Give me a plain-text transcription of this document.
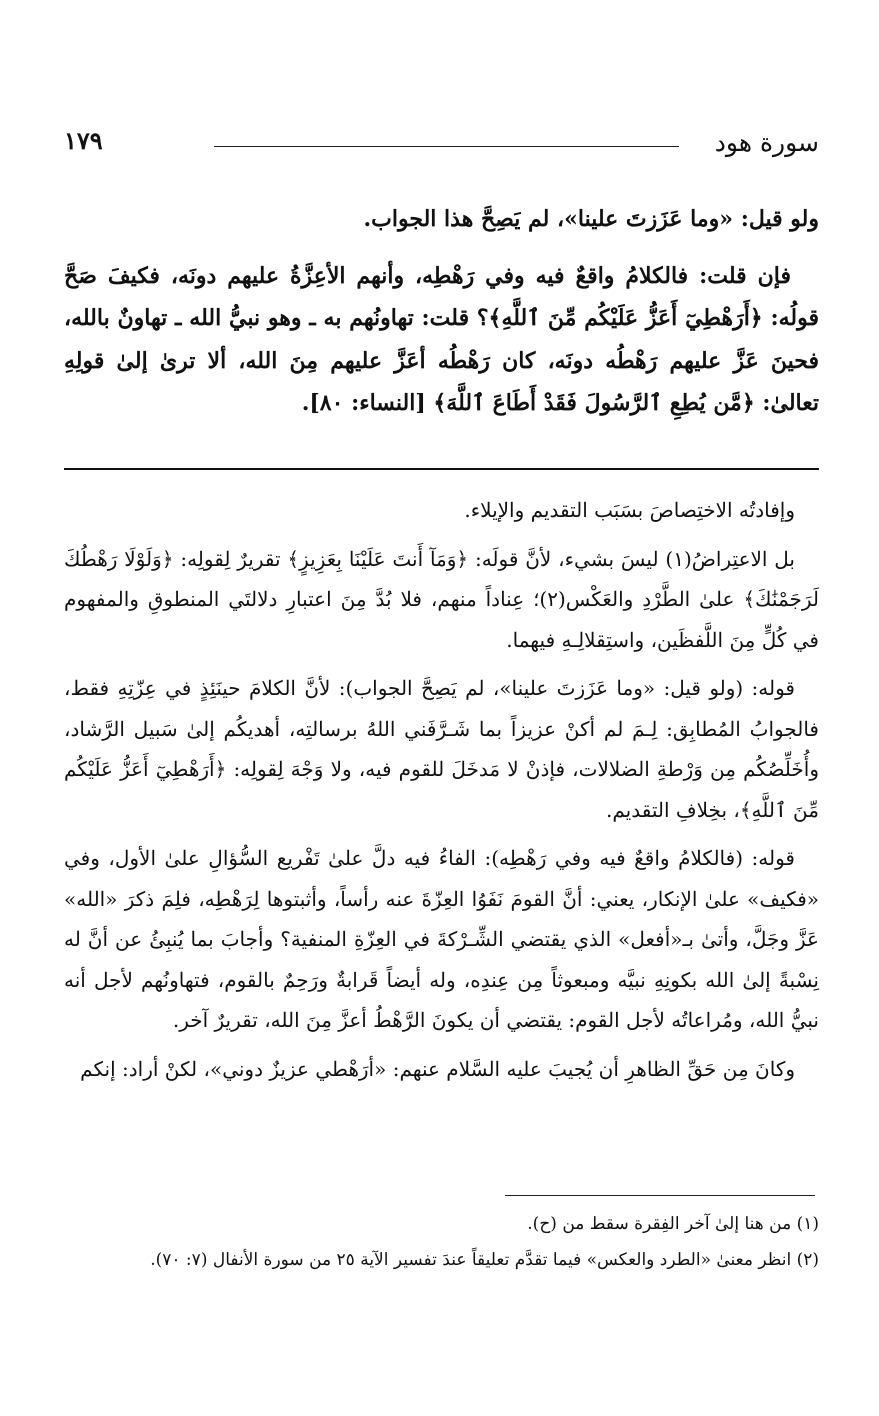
سورة هود
١٧٩

ولو قيل: «وما عَزَزتَ علينا»، لم يَصِحَّ هذا الجواب.

فإن قلت: فالكلامُ واقعٌ فيه وفي رَهْطِه، وأنهم الأعِزَّةُ عليهم دونَه، فكيفَ صَحَّ قولُه: ﴿أَرَهْطِيٓ أَعَزُّ عَلَيْكُم مِّنَ ٱللَّهِ﴾؟ قلت: تهاونُهم به ـ وهو نبيُّ الله ـ تهاونٌ بالله، فحينَ عَزَّ عليهم رَهْطُه دونَه، كان رَهْطُه أعَزَّ عليهم مِنَ الله، ألا ترىٰ إلىٰ قولِهِ تعالىٰ: ﴿مَّن يُطِعِ ٱلرَّسُولَ فَقَدْ أَطَاعَ ٱللَّهَ﴾ [النساء: ٨٠].

وإفادتُه الاختِصاصَ بسَبَب التقديم والإيلاء.

بل الاعتِراضُ(١) ليسَ بشيء، لأنَّ قولَه: ﴿وَمَآ أَنتَ عَلَيْنَا بِعَزِيزٍ﴾ تقريرٌ لِقولِه: ﴿وَلَوْلَا رَهْطُكَ لَرَجَمْنَٰكَ﴾ علىٰ الطَّرْدِ والعَكْس(٢)؛ عِناداً منهم، فلا بُدَّ مِنَ اعتبارِ دلالتَي المنطوقِ والمفهوم في كُلٍّ مِنَ اللَّفظَين، واستِقلالِـهِ فيهما.

قوله: (ولو قيل: «وما عَزَزتَ علينا»، لم يَصِحَّ الجواب): لأنَّ الكلامَ حينَئِذٍ في عِزّتِهِ فقط، فالجوابُ المُطابِق: لِـمَ لم أكنْ عزيزاً بما شَـرَّفَني اللهُ برسالتِه، أهديكُم إلىٰ سَبيل الرَّشاد، وأُخَلِّصُكُم مِن وَرْطةِ الضلالات، فإذنْ لا مَدخَلَ للقوم فيه، ولا وَجْهَ لِقولِه: ﴿أَرَهْطِيٓ أَعَزُّ عَلَيْكُم مِّنَ ٱللَّهِ﴾، بخِلافِ التقديم.

قوله: (فالكلامُ واقعٌ فيه وفي رَهْطِه): الفاءُ فيه دلَّ علىٰ تَفْريع السُّؤالِ علىٰ الأول، وفي «فكيف» علىٰ الإنكار، يعني: أنَّ القومَ نَفَوُا العِزّةَ عنه رأساً، وأثبتوها لِرَهْطِه، فلِمَ ذكرَ «الله» عَزَّ وجَلَّ، وأتىٰ بـ«أفعل» الذي يقتضي الشِّـرْكةَ في العِزّةِ المنفية؟ وأجابَ بما يُنبِئُ عن أنَّ له نِسْبةً إلىٰ الله بكونِهِ نبيَّه ومبعوثاً مِن عِندِه، وله أيضاً قَرابةٌ ورَحِمٌ بالقوم، فتهاونُهم لأجل أنه نبيُّ الله، ومُراعاتُه لأجل القوم: يقتضي أن يكونَ الرَّهْطُ أعزَّ مِنَ الله، تقريرٌ آخر.

وكانَ مِن حَقِّ الظاهرِ أن يُجيبَ عليه السَّلام عنهم: «أرَهْطي عزيزٌ دوني»، لكنْ أراد: إنكم

(١) من هنا إلىٰ آخر الفِقرة سقط من (ح).

(٢) انظر معنىٰ «الطرد والعكس» فيما تقدَّم تعليقاً عندَ تفسير الآية ٢٥ من سورة الأنفال (٧: ٧٠).
